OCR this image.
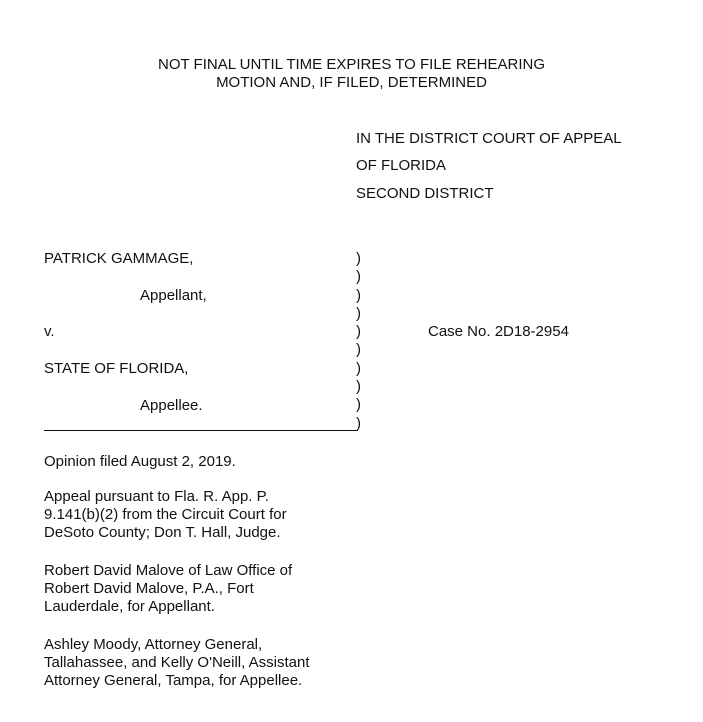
NOT FINAL UNTIL TIME EXPIRES TO FILE REHEARING
MOTION AND, IF FILED, DETERMINED
IN THE DISTRICT COURT OF APPEAL
OF FLORIDA
SECOND DISTRICT
PATRICK GAMMAGE,
Appellant,
v.
STATE OF FLORIDA,
Appellee.
)
)
)
)
)
)
)
)
)
)
Case No. 2D18-2954
Opinion filed August 2, 2019.
Appeal pursuant to Fla. R. App. P.
9.141(b)(2) from the Circuit Court for
DeSoto County; Don T. Hall, Judge.
Robert David Malove of Law Office of
Robert David Malove, P.A., Fort
Lauderdale, for Appellant.
Ashley Moody, Attorney General,
Tallahassee, and Kelly O'Neill, Assistant
Attorney General, Tampa, for Appellee.
